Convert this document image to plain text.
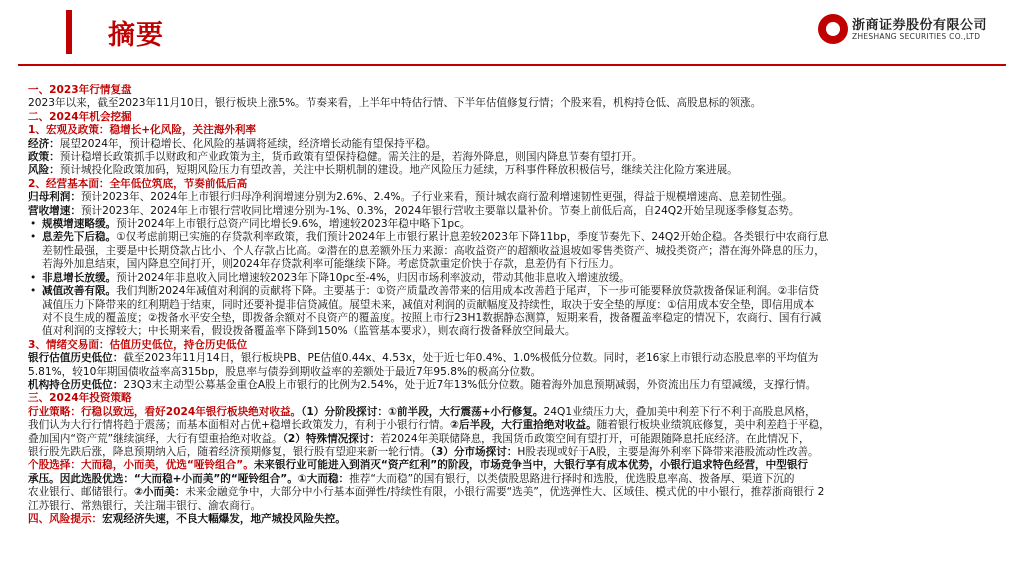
摘要	浙商证券股份有限公司
ZHESHANG SECURITIES CO.,LTD

一、2023年行情复盘

2023年以来，截至2023年11月10日，银行板块上涨5%。节奏来看，上半年中特估行情、下半年估值修复行情；个股来看，机构持仓低、高股息标的领涨。

二、2024年机会挖掘

1、宏观及政策：稳增长+化风险，关注海外利率

经济：展望2024年，预计稳增长、化风险的基调将延续，经济增长动能有望保持平稳。

政策：预计稳增长政策抓手以财政和产业政策为主，货币政策有望保持稳健。需关注的是，若海外降息，则国内降息节奏有望打开。

风险：预计城投化险政策加码，短期风险压力有望改善，关注中长期机制的建设。地产风险压力延续，万科事件释放积极信号，继续关注化险方案进展。

2、经营基本面：全年低位筑底，节奏前低后高

归母利润：预计2023年、2024年上市银行归母净利润增速分别为2.6%、2.4%。子行业来看，预计城农商行盈利增速韧性更强，得益于规模增速高、息差韧性强。

营收增速：预计2023年、2024年上市银行营收同比增速分别为-1%、0.3%，2024年银行营收主要靠以量补价。节奏上前低后高，自24Q2开始呈现逐季修复态势。

• 规模增速略缓。预计2024年上市银行总资产同比增长9.6%，增速较2023年稳中略下1pc。

• 息差先下后稳。①仅考虑前期已实施的存贷款利率政策，我们预计2024年上市银行累计息差较2023年下降11bp，季度节奏先下、24Q2开始企稳。各类银行中农商行息

差韧性最强，主要是中长期贷款占比小、个人存款占比高。②潜在的息差额外压力来源：高收益资产的超额收益退坡如零售类资产、城投类资产；潜在海外降息的压力，

若海外加息结束，国内降息空间打开，则2024年存贷款利率可能继续下降。考虑贷款重定价快于存款，息差仍有下行压力。

• 非息增长放缓。预计2024年非息收入同比增速较2023年下降10pc至-4%，归因市场利率波动，带动其他非息收入增速放缓。

• 减值改善有限。我们判断2024年减值对利润的贡献将下降。主要基于：①资产质量改善带来的信用成本改善趋于尾声，下一步可能要释放贷款拨备保证利润。②非信贷

减值压力下降带来的红利期趋于结束，同时还要补提非信贷减值。展望未来，减值对利润的贡献幅度及持续性，取决于安全垫的厚度：①信用成本安全垫，即信用成本

对不良生成的覆盖度；②拨备水平安全垫，即拨备余额对不良资产的覆盖度。按照上市行23H1数据静态测算，短期来看，拨备覆盖率稳定的情况下，农商行、国有行减

值对利润的支撑较大；中长期来看，假设拨备覆盖率下降到150%（监管基本要求），则农商行拨备释放空间最大。

3、情绪交易面：估值历史低位，持仓历史低位

银行估值历史低位：截至2023年11月14日，银行板块PB、PE估值0.44x、4.53x，处于近七年0.4%、1.0%极低分位数。同时，老16家上市银行动态股息率的平均值为

5.81%，较10年期国债收益率高315bp，股息率与债券到期收益率的差额处于最近7年95.8%的极高分位数。

机构持仓历史低位：23Q3末主动型公募基金重仓A股上市银行的比例为2.54%，处于近7年13%低分位数。随着海外加息预期减弱，外资流出压力有望减缓，支撑行情。

三、2024年投资策略

行业策略：行稳以致远，看好2024年银行板块绝对收益。（1）分阶段探讨：①前半段，大行震荡+小行修复。24Q1业绩压力大，叠加美中利差下行不利于高股息风格，

我们认为大行行情将趋于震荡；而基本面相对占优+稳增长政策发力，有利于小银行行情。②后半段，大行重拾绝对收益。随着银行板块业绩筑底修复，美中利差趋于平稳，

叠加国内“资产荒”继续演绎，大行有望重拾绝对收益。（2）特殊情况探讨：若2024年美联储降息，我国货币政策空间有望打开，可能跟随降息托底经济。在此情况下，

银行股先跌后涨，降息预期纳入后，随着经济预期修复，银行股有望迎来新一轮行情。（3）分市场探讨：H股表现或好于A股，主要是海外利率下降带来港股流动性改善。

个股选择：大而稳，小而美，优选“哑铃组合”。未来银行业可能进入到消灭“资产红利”的阶段，市场竞争当中，大银行享有成本优势，小银行追求特色经营，中型银行

承压。因此选股优选：“大而稳+小而美”的“哑铃组合”。①大而稳：推荐“大而稳”的国有银行，以类债股思路进行择时和选股，优选股息率高、拨备厚、渠道下沉的

农业银行、邮储银行。②小而美：未来金融竞争中，大部分中小行基本面弹性/持续性有限，小银行需要“选美”，优选弹性大、区域佳、模式优的中小银行，推荐浙商银行 2

江苏银行、常熟银行，关注瑞丰银行、渝农商行。

四、风险提示：宏观经济失速，不良大幅爆发，地产城投风险失控。
